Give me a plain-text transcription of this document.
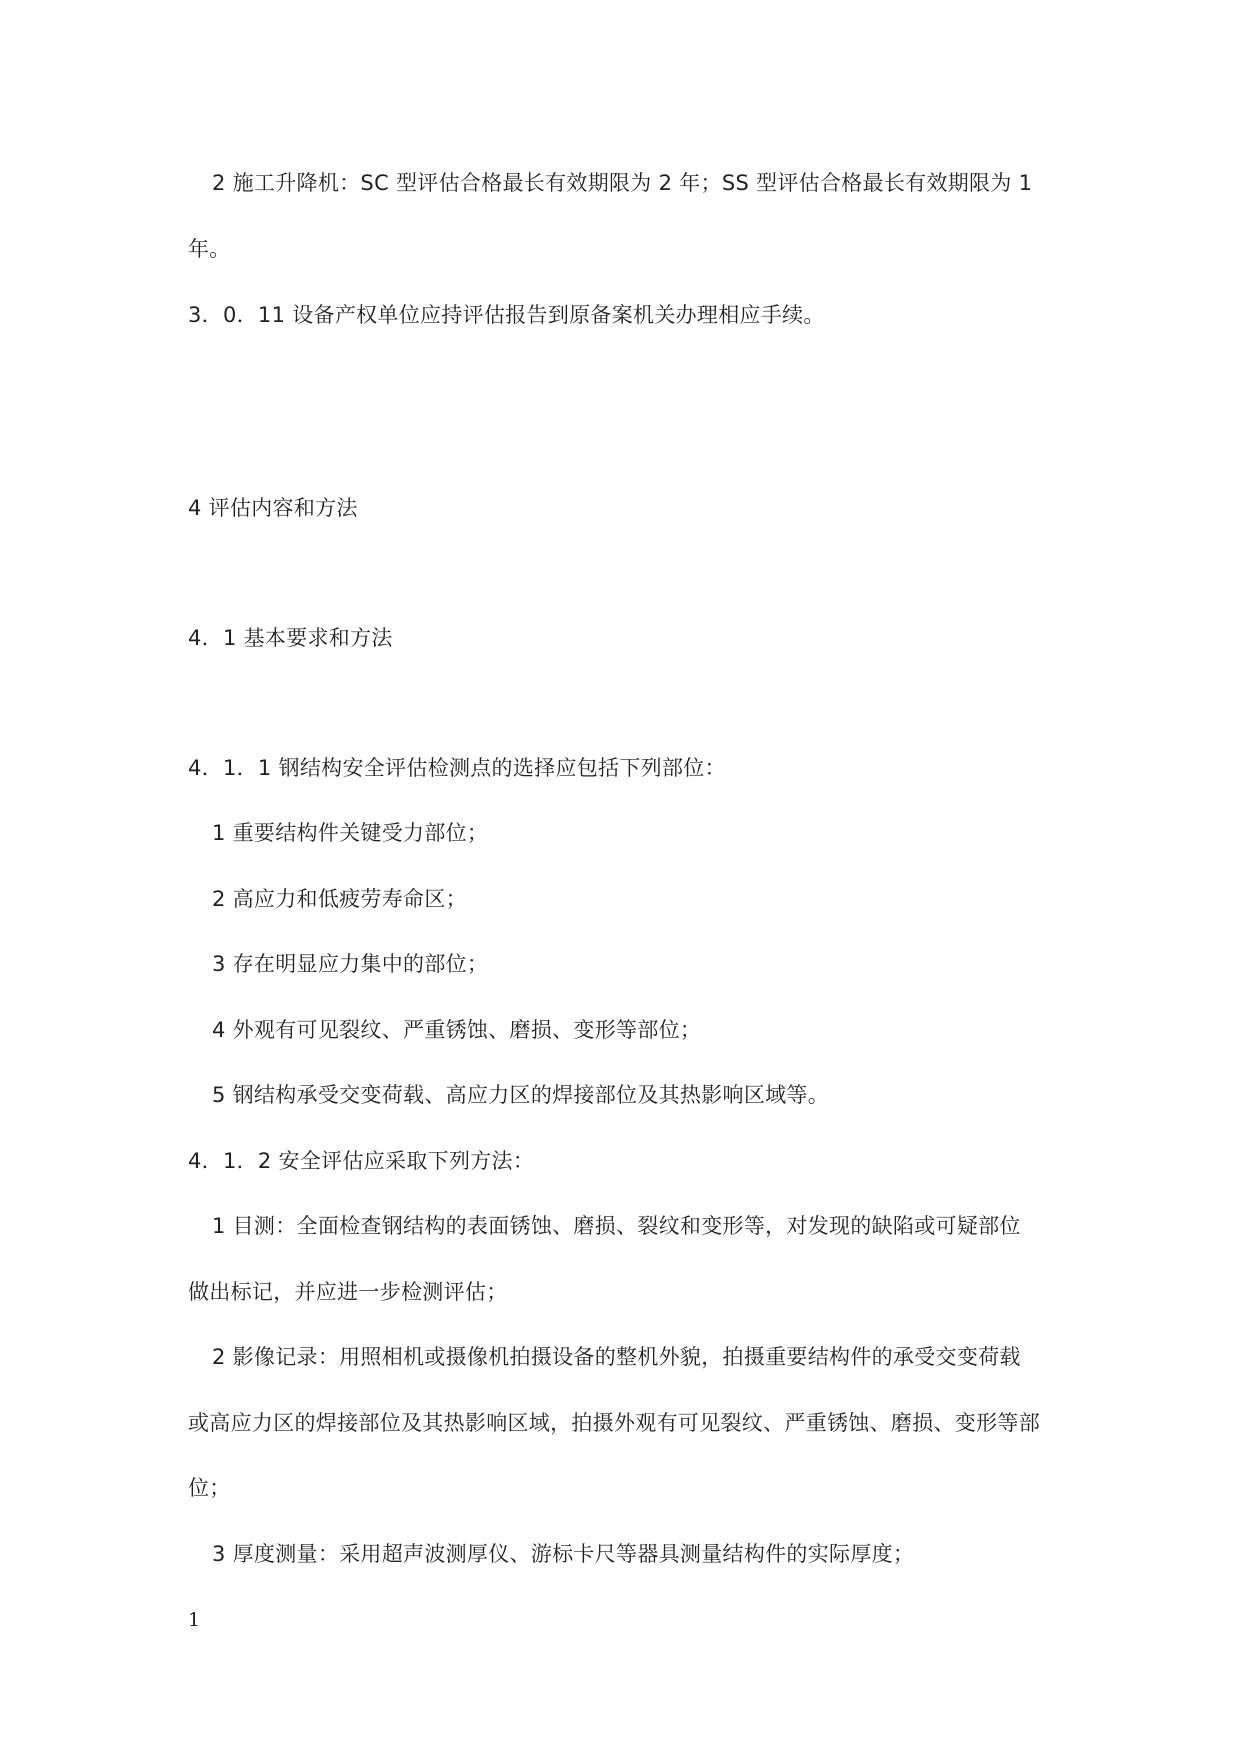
2 施工升降机：SC 型评估合格最长有效期限为 2 年；SS 型评估合格最长有效期限为 1
年。
3．0．11 设备产权单位应持评估报告到原备案机关办理相应手续。
4 评估内容和方法
4．1 基本要求和方法
4．1．1 钢结构安全评估检测点的选择应包括下列部位：
1 重要结构件关键受力部位；
2 高应力和低疲劳寿命区；
3 存在明显应力集中的部位；
4 外观有可见裂纹、严重锈蚀、磨损、变形等部位；
5 钢结构承受交变荷载、高应力区的焊接部位及其热影响区域等。
4．1．2 安全评估应采取下列方法：
1 目测：全面检查钢结构的表面锈蚀、磨损、裂纹和变形等，对发现的缺陷或可疑部位
做出标记，并应进一步检测评估；
2 影像记录：用照相机或摄像机拍摄设备的整机外貌，拍摄重要结构件的承受交变荷载
或高应力区的焊接部位及其热影响区域，拍摄外观有可见裂纹、严重锈蚀、磨损、变形等部
位；
3 厚度测量：采用超声波测厚仪、游标卡尺等器具测量结构件的实际厚度；
1
